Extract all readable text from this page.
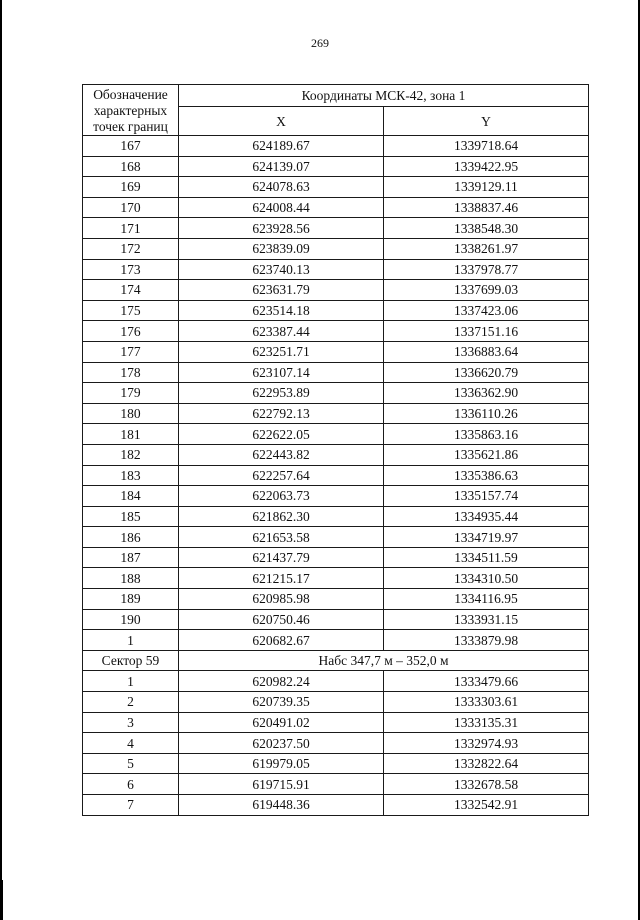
269
Обозначение характерных точек границ	Координаты МСК-42, зона 1	
	X	Y
167	624189.67	1339718.64
168	624139.07	1339422.95
169	624078.63	1339129.11
170	624008.44	1338837.46
171	623928.56	1338548.30
172	623839.09	1338261.97
173	623740.13	1337978.77
174	623631.79	1337699.03
175	623514.18	1337423.06
176	623387.44	1337151.16
177	623251.71	1336883.64
178	623107.14	1336620.79
179	622953.89	1336362.90
180	622792.13	1336110.26
181	622622.05	1335863.16
182	622443.82	1335621.86
183	622257.64	1335386.63
184	622063.73	1335157.74
185	621862.30	1334935.44
186	621653.58	1334719.97
187	621437.79	1334511.59
188	621215.17	1334310.50
189	620985.98	1334116.95
190	620750.46	1333931.15
1	620682.67	1333879.98
Сектор 59	Набс 347,7 м – 352,0 м	
1	620982.24	1333479.66
2	620739.35	1333303.61
3	620491.02	1333135.31
4	620237.50	1332974.93
5	619979.05	1332822.64
6	619715.91	1332678.58
7	619448.36	1332542.91
